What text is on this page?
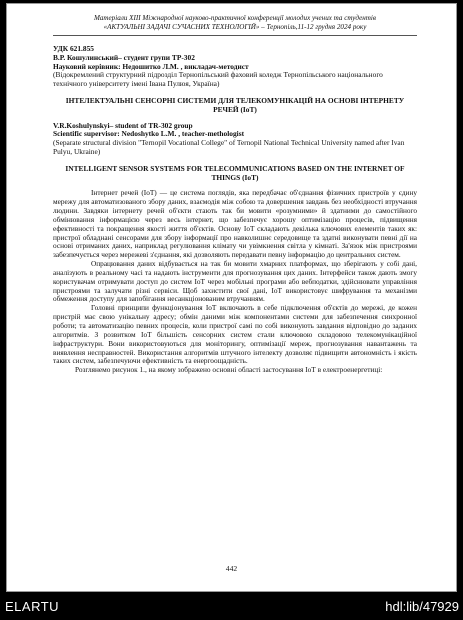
Матеріали XIII Міжнародної науково-практичної конференції молодих учених та студентів
«АКТУАЛЬНІ ЗАДАЧІ СУЧАСНИХ ТЕХНОЛОГІЙ» – Тернопіль,11-12 грудня 2024 року

УДК 621.855

В.Р. Кошулинський– студент групи ТР-302

Науковий керівник: Недошитко Л.М. , викладач-методист

(Відокремлений структурний підрозділ Тернопільський фаховий коледж Тернопільського національного технічного університету імені Івана Пулюя, Україна)

ІНТЕЛЕКТУАЛЬНІ СЕНСОРНІ СИСТЕМИ ДЛЯ ТЕЛЕКОМУНІКАЦІЙ НА ОСНОВІ ІНТЕРНЕТУ РЕЧЕЙ (ІоТ)

V.R.Koshulynskyi– student of TR-302 group

Scientific supervisor: Nedoshytko L.M. , teacher-methologist

(Separate structural division "Ternopil Vocational College" of Ternopil National Technical University named after Ivan Pulyu, Ukraine)

INTELLIGENT SENSOR SYSTEMS FOR TELECOMMUNICATIONS BASED ON THE INTERNET OF THINGS (IoT)

Інтернет речей (ІоТ) — це система поглядів, яка передбачає об'єднання фізичних пристроїв у єдину мережу для автоматизованого збору даних, взаємодія між собою та довершення завдань без необхідності втручання людини. Завдяки інтернету речей об'єкти стають так би мовити «розумними» й здатними до самостійного обмінювання інформацією через весь інтернет, що забезпечує хорошу оптимізацію процесів, підвищення ефективності та покращення якості життя об'єктів. Основу ІоТ складають декілька ключових елементів таких як: пристрої обладнані сенсорами для збору інформації про навколишнє середовище та здатні виконувати певні дії на основі отриманих даних, наприклад регулювання клімату чи увімкнення світла у кімнаті. За'язок між пристроями забезпечується через мережеві з'єднання, які дозволяють передавати певну інформацію до центральних систем.

Опрацювання даних відбувається на так би мовити хмарних платформах, що зберігають у собі дані, аналізують в реальному часі та надають інструменти для прогнозування цих даних. Інтерфейси також дають змогу користувачам отримувати доступ до систем ІоТ через мобільні програми або вебподатки, здійснювати управління пристроями та залучати різні сервіси. Щоб захистити свої дані, ІоТ використовує шифрування та механізми обмеження доступу для запобігання несанкціонованим втручанням.

Головні принципи функціонування ІоТ включають в себе підключення об'єктів до мережі, де кожен пристрій має свою унікальну адресу; обмін даними між компонентами системи для забезпечення синхронної роботи; та автоматизацію певних процесів, коли пристрої самі по собі виконують завдання відповідно до заданих алгоритмів. З розвитком ІоТ більшість сенсорних систем стали ключовою складовою телекомунікаційної інфраструктури. Вони використовуються для моніторингу, оптимізації мереж, прогнозування навантажень та виявлення несправностей. Використання алгоритмів штучного інтелекту дозволяє підвищити автономність і якість таких систем, забезпечуючи ефективність та енергоощадність.

Розглянемо рисунок 1., на якому зображено основні області застосування ІоТ в електроенергетиці:

442
ELARTU	hdl:lib/47929
